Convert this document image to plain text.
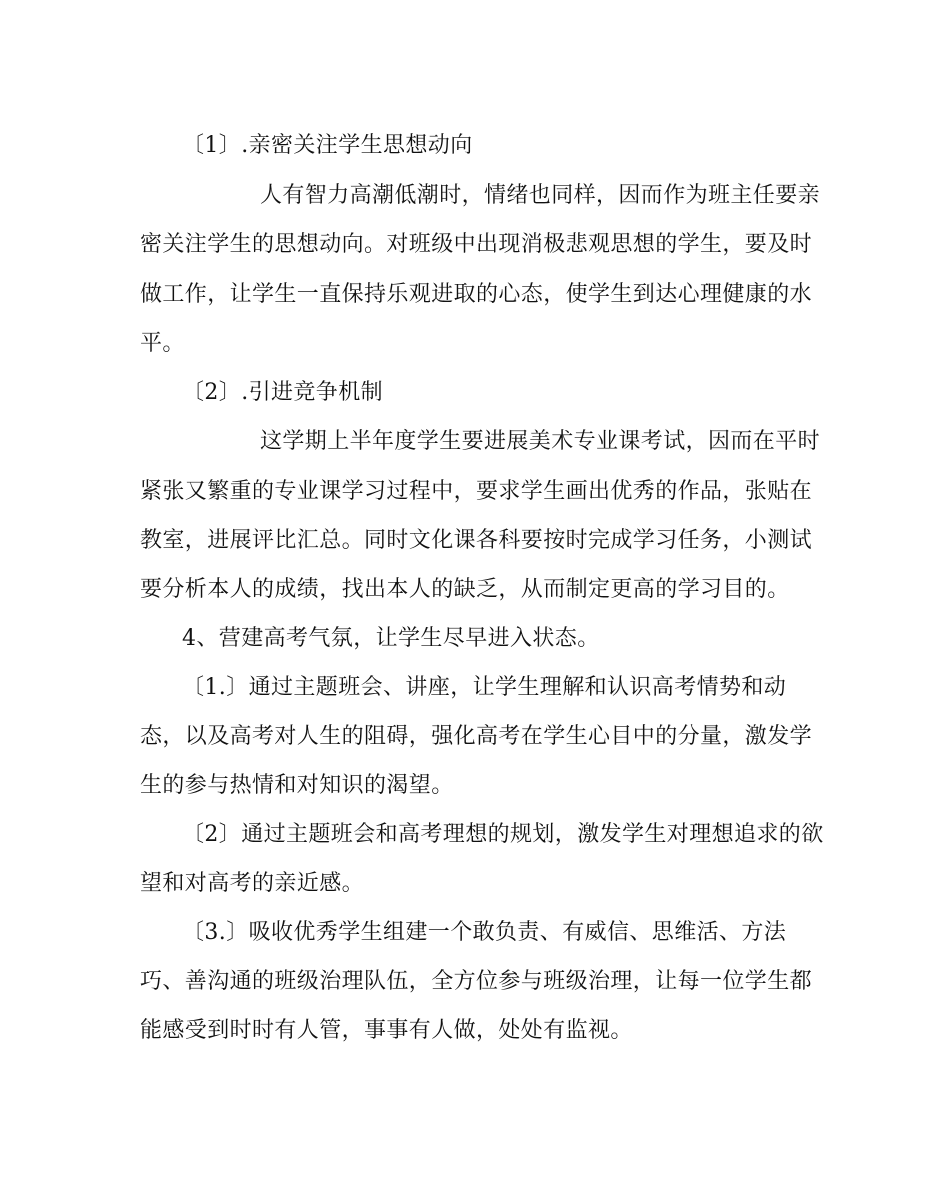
〔1〕.亲密关注学生思想动向
人有智力高潮低潮时，情绪也同样，因而作为班主任要亲
密关注学生的思想动向。对班级中出现消极悲观思想的学生，要及时
做工作，让学生一直保持乐观进取的心态，使学生到达心理健康的水
平。
〔2〕.引进竞争机制
这学期上半年度学生要进展美术专业课考试，因而在平时
紧张又繁重的专业课学习过程中，要求学生画出优秀的作品，张贴在
教室，进展评比汇总。同时文化课各科要按时完成学习任务，小测试
要分析本人的成绩，找出本人的缺乏，从而制定更高的学习目的。
4、营建高考气氛，让学生尽早进入状态。
〔1.〕通过主题班会、讲座，让学生理解和认识高考情势和动
态，以及高考对人生的阻碍，强化高考在学生心目中的分量，激发学
生的参与热情和对知识的渴望。
〔2〕通过主题班会和高考理想的规划，激发学生对理想追求的欲
望和对高考的亲近感。
〔3.〕吸收优秀学生组建一个敢负责、有威信、思维活、方法
巧、善沟通的班级治理队伍，全方位参与班级治理，让每一位学生都
能感受到时时有人管，事事有人做，处处有监视。
